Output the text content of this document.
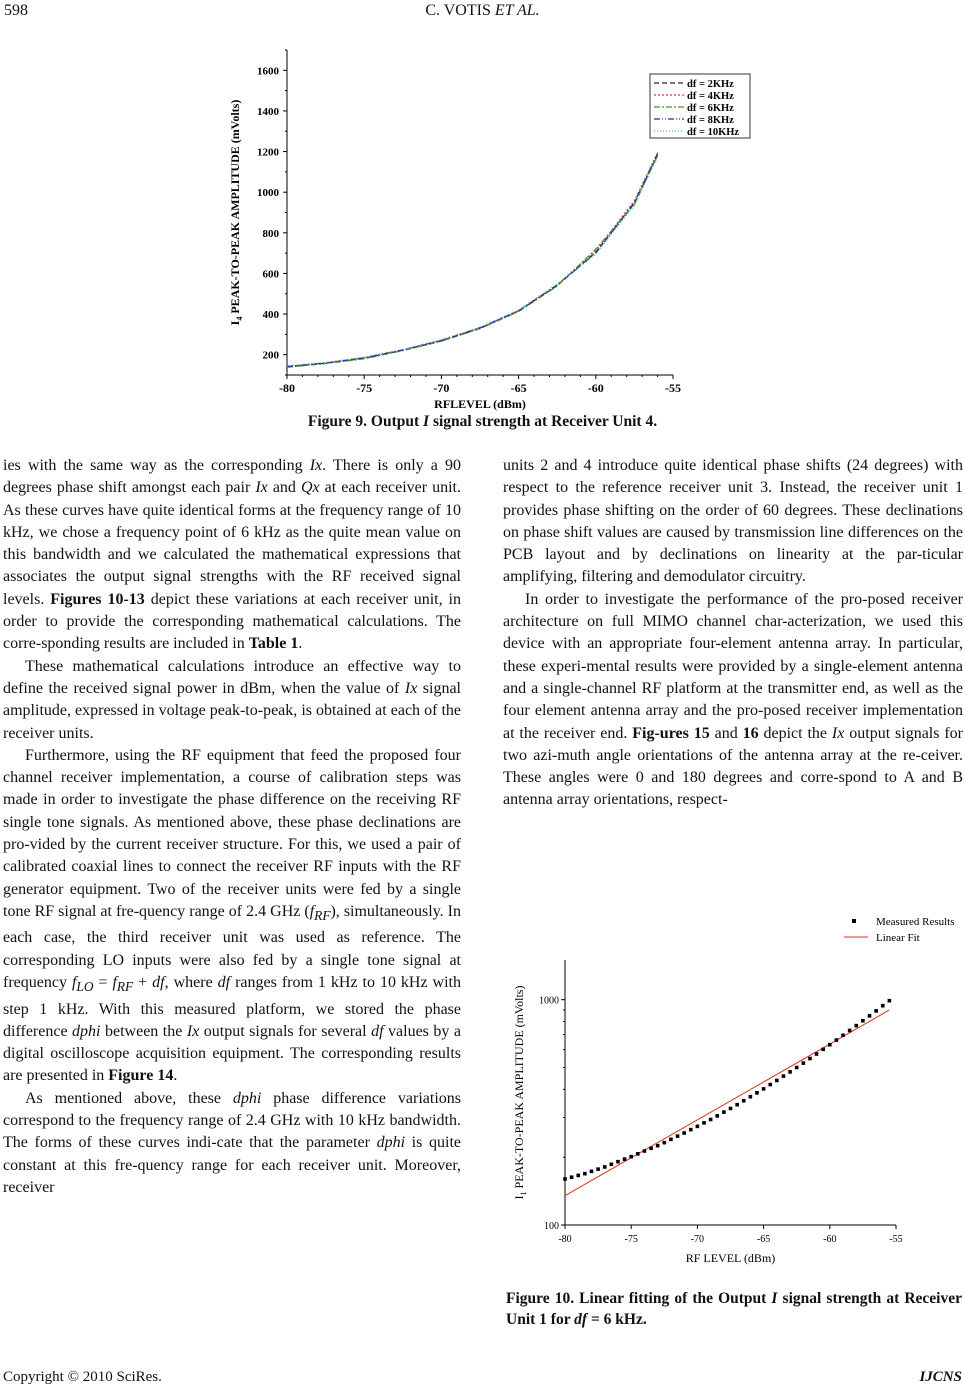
598	C. VOTIS ET AL.
200
400
600
800
1000
1200
1400
1600
-80	-75	-70	-65	-60	-55
RFLEVEL (dBm)
$I_4$ PEAK-TO-PEAK AMPLITUDE (mVolts)
df = 2KHz
df = 4KHz
df = 6KHz
df = 8KHz
df = 10KHz
Figure 9. Output I signal strength at Receiver Unit 4.

ies with the same way as the corresponding Ix. There is only a 90 degrees phase shift amongst each pair Ix and Qx at each receiver unit. As these curves have quite identical forms at the frequency range of 10 kHz, we chose a frequency point of 6 kHz as the quite mean value on this bandwidth and we calculated the mathematical expressions that associates the output signal strengths with the RF received signal levels. Figures 10-13 depict these variations at each receiver unit, in order to provide the corresponding mathematical calculations. The corre-sponding results are included in Table 1.

These mathematical calculations introduce an effective way to define the received signal power in dBm, when the value of Ix signal amplitude, expressed in voltage peak-to-peak, is obtained at each of the receiver units.

Furthermore, using the RF equipment that feed the proposed four channel receiver implementation, a course of calibration steps was made in order to investigate the phase difference on the receiving RF single tone signals. As mentioned above, these phase declinations are pro-vided by the current receiver structure. For this, we used a pair of calibrated coaxial lines to connect the receiver RF inputs with the RF generator equipment. Two of the receiver units were fed by a single tone RF signal at fre-quency range of 2.4 GHz $(f_{RF})$, simultaneously. In each case, the third receiver unit was used as reference. The corresponding LO inputs were also fed by a single tone signal at frequency $f_{LO} = f_{RF}$ + df, where df ranges from 1 kHz to 10 kHz with step 1 kHz. With this measured platform, we stored the phase difference dphi between the Ix output signals for several df values by a digital oscilloscope acquisition equipment. The corresponding results are presented in Figure 14.

As mentioned above, these dphi phase difference variations correspond to the frequency range of 2.4 GHz with 10 kHz bandwidth. The forms of these curves indi-cate that the parameter dphi is quite constant at this fre-quency range for each receiver unit. Moreover, receiver

units 2 and 4 introduce quite identical phase shifts (24 degrees) with respect to the reference receiver unit 3. Instead, the receiver unit 1 provides phase shifting on the order of 60 degrees. These declinations on phase shift values are caused by transmission line differences on the PCB layout and by declinations on linearity at the par-ticular amplifying, filtering and demodulator circuitry.

In order to investigate the performance of the pro-posed receiver architecture on full MIMO channel char-acterization, we used this device with an appropriate four-element antenna array. In particular, these experi-mental results were provided by a single-element antenna and a single-channel RF platform at the transmitter end, as well as the four element antenna array and the pro-posed receiver implementation at the receiver end. Fig-ures 15 and 16 depict the Ix output signals for two azi-muth angle orientations of the antenna array at the re-ceiver. These angles were 0 and 180 degrees and corre-spond to A and B antenna array orientations, respect-

100
1000
-80	-75	-70	-65	-60	-55
RF LEVEL (dBm)
$I_1$ PEAK-TO-PEAK AMPLITUDE (mVolts)
Measured Results
Linear Fit
Figure 10. Linear fitting of the Output I signal strength at Receiver Unit 1 for df = 6 kHz.
Copyright © 2010 SciRes.	IJCNS
